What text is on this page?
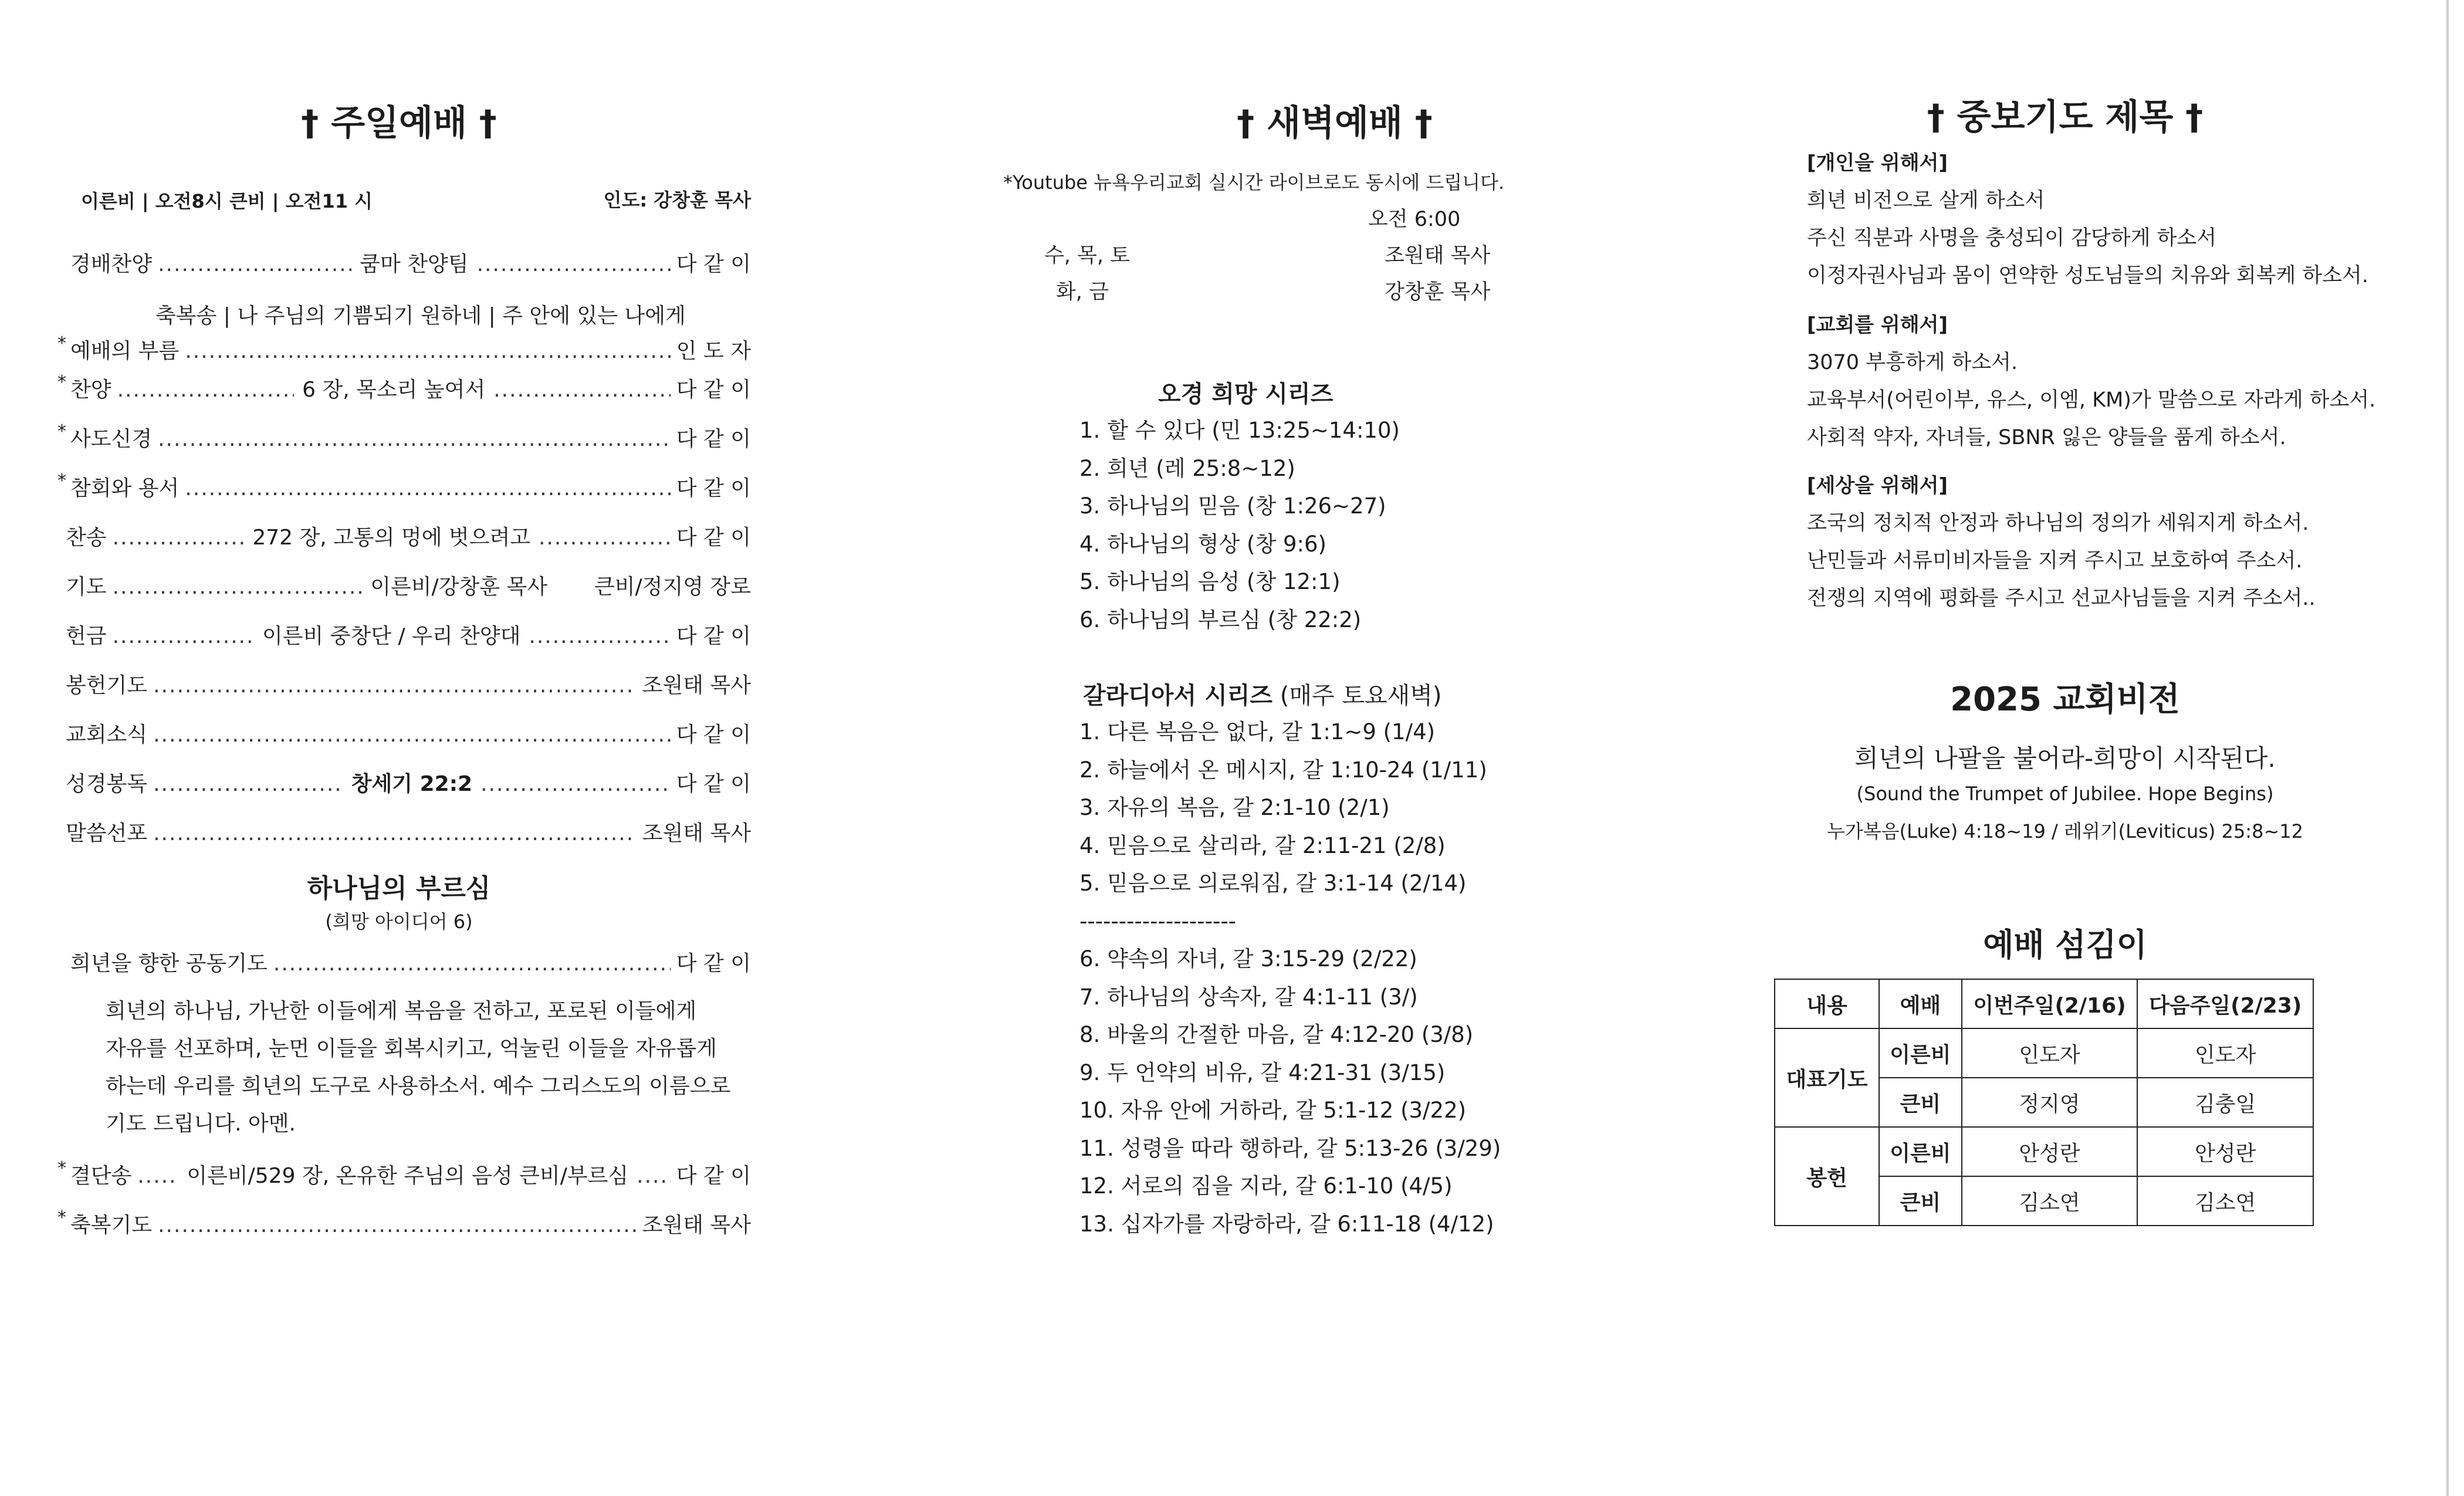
† 주일예배 †
이른비 | 오전8시 큰비 | 오전11 시	인도: 강창훈 목사
경배찬양 .....	쿰마 찬양팀 .....	다 같 이
축복송 | 나 주님의 기쁨되기 원하네 | 주 안에 있는 나에게
* 예배의 부름 .....	인 도 자
* 찬양 .....	6 장, 목소리 높여서 .....	다 같 이
* 사도신경 .....	다 같 이
* 참회와 용서 .....	다 같 이
찬송 .....	272 장, 고통의 멍에 벗으려고 .....	다 같 이
기도 .....	이른비/강창훈 목사 큰비/정지영 장로
헌금 .....	이른비 중창단 / 우리 찬양대 .....	다 같 이
봉헌기도 .....	조원태 목사
교회소식 .....	다 같 이
성경봉독 .....	창세기 22:2 .....	다 같 이
말씀선포 .....	조원태 목사
하나님의 부르심
(희망 아이디어 6)
희년을 향한 공동기도 .....	다 같 이
희년의 하나님, 가난한 이들에게 복음을 전하고, 포로된 이들에게
자유를 선포하며, 눈먼 이들을 회복시키고, 억눌린 이들을 자유롭게
하는데 우리를 희년의 도구로 사용하소서. 예수 그리스도의 이름으로
기도 드립니다. 아멘.
* 결단송 .....	이른비/529 장, 온유한 주님의 음성 큰비/부르심 ..... 다 같 이
* 축복기도 .....	조원태 목사
† 새벽예배 †
*Youtube 뉴욕우리교회 실시간 라이브로도 동시에 드립니다.
오전 6:00
수, 목, 토	조원태 목사
화, 금	강창훈 목사
오경 희망 시리즈
1. 할 수 있다 (민 13:25~14:10)
2. 희년 (레 25:8~12)
3. 하나님의 믿음 (창 1:26~27)
4. 하나님의 형상 (창 9:6)
5. 하나님의 음성 (창 12:1)
6. 하나님의 부르심 (창 22:2)
갈라디아서 시리즈 (매주 토요새벽)
1. 다른 복음은 없다, 갈 1:1~9 (1/4)
2. 하늘에서 온 메시지, 갈 1:10-24 (1/11)
3. 자유의 복음, 갈 2:1-10 (2/1)
4. 믿음으로 살리라, 갈 2:11-21 (2/8)
5. 믿음으로 의로워짐, 갈 3:1-14 (2/14)
--------------------
6. 약속의 자녀, 갈 3:15-29 (2/22)
7. 하나님의 상속자, 갈 4:1-11 (3/)
8. 바울의 간절한 마음, 갈 4:12-20 (3/8)
9. 두 언약의 비유, 갈 4:21-31 (3/15)
10. 자유 안에 거하라, 갈 5:1-12 (3/22)
11. 성령을 따라 행하라, 갈 5:13-26 (3/29)
12. 서로의 짐을 지라, 갈 6:1-10 (4/5)
13. 십자가를 자랑하라, 갈 6:11-18 (4/12)
† 중보기도 제목 †
[개인을 위해서]
희년 비전으로 살게 하소서
주신 직분과 사명을 충성되이 감당하게 하소서
이정자권사님과 몸이 연약한 성도님들의 치유와 회복케 하소서.
[교회를 위해서]
3070 부흥하게 하소서.
교육부서(어린이부, 유스, 이엠, KM)가 말씀으로 자라게 하소서.
사회적 약자, 자녀들, SBNR 잃은 양들을 품게 하소서.
[세상을 위해서]
조국의 정치적 안정과 하나님의 정의가 세워지게 하소서.
난민들과 서류미비자들을 지켜 주시고 보호하여 주소서.
전쟁의 지역에 평화를 주시고 선교사님들을 지켜 주소서..
2025 교회비전
희년의 나팔을 불어라-희망이 시작된다.
(Sound the Trumpet of Jubilee. Hope Begins)
누가복음(Luke) 4:18~19 / 레위기(Leviticus) 25:8~12
예배 섬김이
내용	예배	이번주일(2/16)	다음주일(2/23)
대표기도	이른비	인도자	인도자
	큰비	정지영	김충일
봉헌	이른비	안성란	안성란
	큰비	김소연	김소연
